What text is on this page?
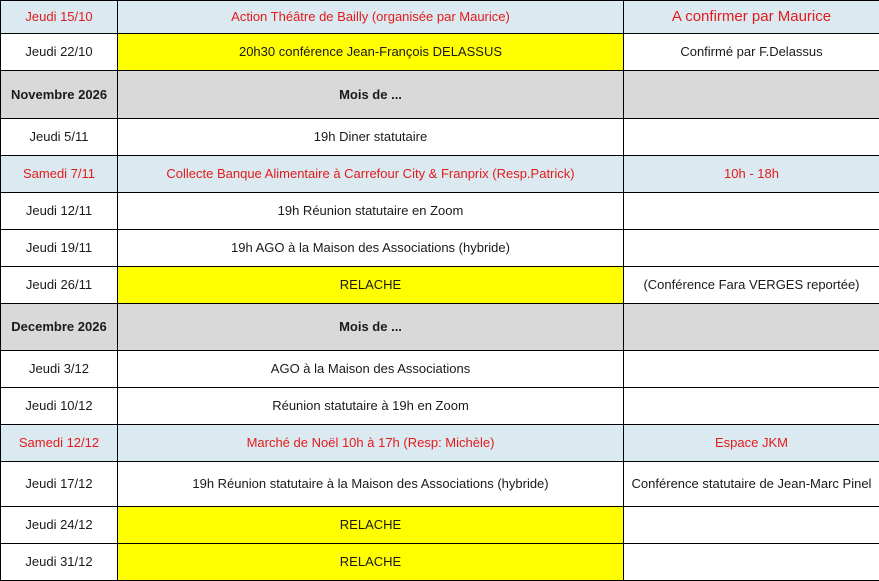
Jeudi 15/10	Action Théâtre de Bailly (organisée par Maurice)	A confirmer par Maurice
Jeudi 22/10	20h30 conférence Jean-François DELASSUS	Confirmé par F.Delassus
Novembre 2026	Mois de ...	
Jeudi 5/11	19h Diner statutaire	
Samedi 7/11	Collecte Banque Alimentaire à Carrefour City & Franprix (Resp.Patrick)	10h - 18h
Jeudi 12/11	19h Réunion statutaire en Zoom	
Jeudi 19/11	19h AGO à la Maison des Associations (hybride)	
Jeudi 26/11	RELACHE	(Conférence Fara VERGES reportée)
Decembre 2026	Mois de ...	
Jeudi 3/12	AGO à la Maison des Associations	
Jeudi 10/12	Réunion statutaire à 19h en Zoom	
Samedi 12/12	Marché de Noël 10h à 17h (Resp: Michèle)	Espace JKM
Jeudi 17/12	19h Réunion statutaire à la Maison des Associations (hybride)	Conférence statutaire de Jean-Marc Pinel
Jeudi 24/12	RELACHE	
Jeudi 31/12	RELACHE	
